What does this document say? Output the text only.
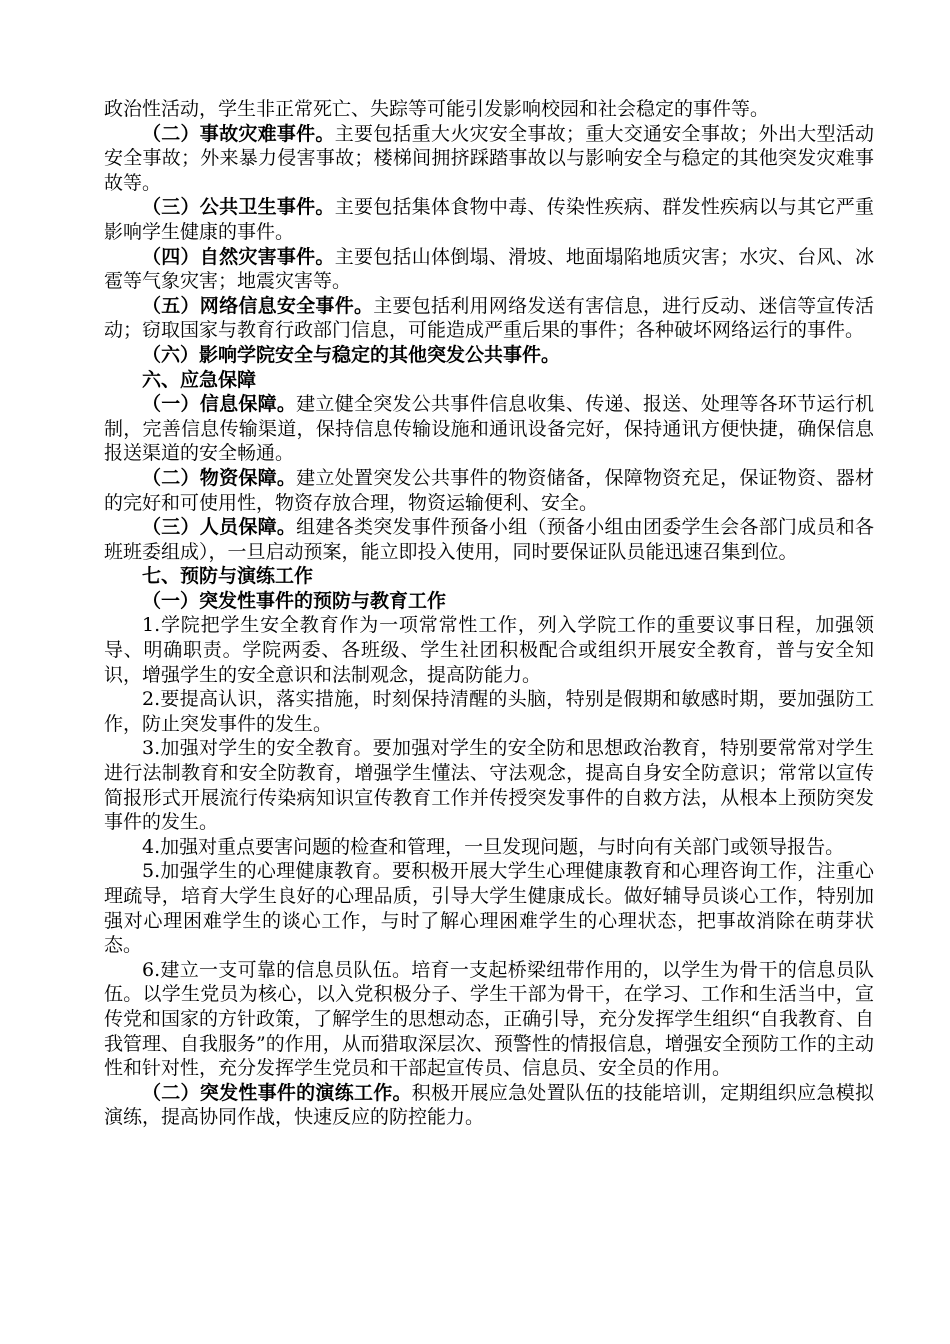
政治性活动，学生非正常死亡、失踪等可能引发影响校园和社会稳定的事件等。

（二）事故灾难事件。主要包括重大火灾安全事故；重大交通安全事故；外出大型活动安全事故；外来暴力侵害事故；楼梯间拥挤踩踏事故以与影响安全与稳定的其他突发灾难事故等。

（三）公共卫生事件。主要包括集体食物中毒、传染性疾病、群发性疾病以与其它严重影响学生健康的事件。

（四）自然灾害事件。主要包括山体倒塌、滑坡、地面塌陷地质灾害；水灾、台风、冰雹等气象灾害；地震灾害等。

（五）网络信息安全事件。主要包括利用网络发送有害信息，进行反动、迷信等宣传活动；窃取国家与教育行政部门信息，可能造成严重后果的事件；各种破坏网络运行的事件。

（六）影响学院安全与稳定的其他突发公共事件。

六、应急保障

（一）信息保障。建立健全突发公共事件信息收集、传递、报送、处理等各环节运行机制，完善信息传输渠道，保持信息传输设施和通讯设备完好，保持通讯方便快捷，确保信息报送渠道的安全畅通。

（二）物资保障。建立处置突发公共事件的物资储备，保障物资充足，保证物资、器材的完好和可使用性，物资存放合理，物资运输便利、安全。

（三）人员保障。组建各类突发事件预备小组（预备小组由团委学生会各部门成员和各班班委组成），一旦启动预案，能立即投入使用，同时要保证队员能迅速召集到位。

七、预防与演练工作

（一）突发性事件的预防与教育工作

1.学院把学生安全教育作为一项常常性工作，列入学院工作的重要议事日程，加强领导、明确职责。学院两委、各班级、学生社团积极配合或组织开展安全教育，普与安全知识，增强学生的安全意识和法制观念，提高防能力。

2.要提高认识，落实措施，时刻保持清醒的头脑，特别是假期和敏感时期，要加强防工作，防止突发事件的发生。

3.加强对学生的安全教育。要加强对学生的安全防和思想政治教育，特别要常常对学生进行法制教育和安全防教育，增强学生懂法、守法观念，提高自身安全防意识；常常以宣传简报形式开展流行传染病知识宣传教育工作并传授突发事件的自救方法，从根本上预防突发事件的发生。

4.加强对重点要害问题的检查和管理，一旦发现问题，与时向有关部门或领导报告。

5.加强学生的心理健康教育。要积极开展大学生心理健康教育和心理咨询工作，注重心理疏导，培育大学生良好的心理品质，引导大学生健康成长。做好辅导员谈心工作，特别加强对心理困难学生的谈心工作，与时了解心理困难学生的心理状态，把事故消除在萌芽状态。

6.建立一支可靠的信息员队伍。培育一支起桥梁纽带作用的，以学生为骨干的信息员队伍。以学生党员为核心，以入党积极分子、学生干部为骨干，在学习、工作和生活当中，宣传党和国家的方针政策，了解学生的思想动态，正确引导，充分发挥学生组织“自我教育、自我管理、自我服务”的作用，从而猎取深层次、预警性的情报信息，增强安全预防工作的主动性和针对性，充分发挥学生党员和干部起宣传员、信息员、安全员的作用。

（二）突发性事件的演练工作。积极开展应急处置队伍的技能培训，定期组织应急模拟演练，提高协同作战，快速反应的防控能力。
